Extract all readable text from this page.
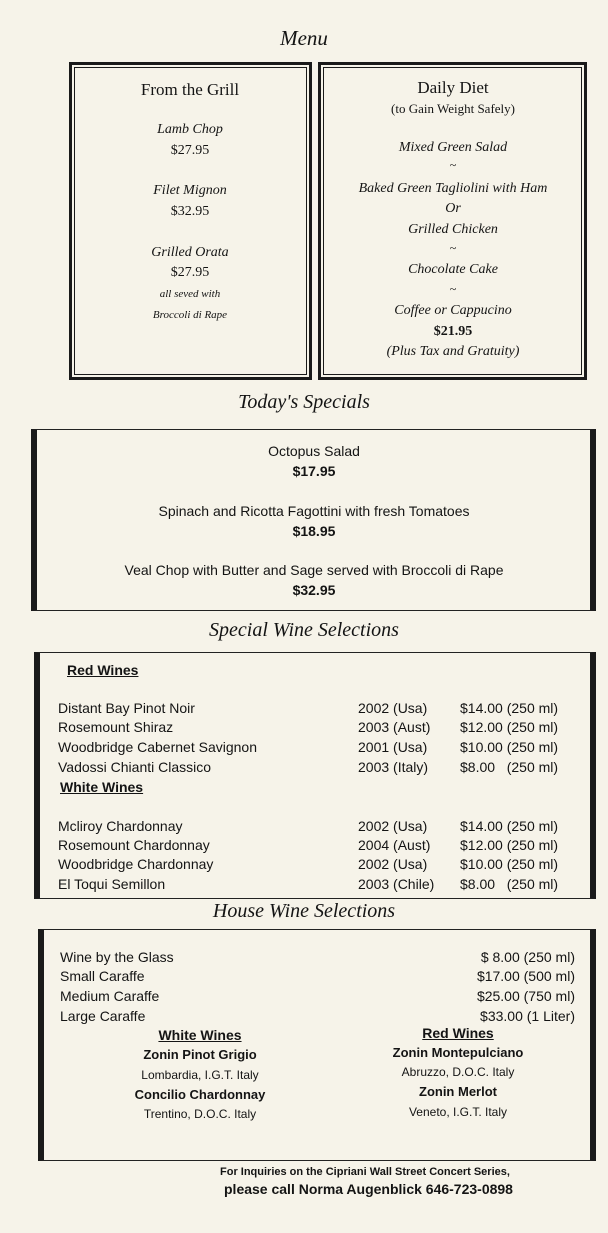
Menu
From the Grill
Lamb Chop
$27.95
Filet Mignon
$32.95
Grilled Orata
$27.95
all seved with
Broccoli di Rape
Daily Diet
(to Gain Weight Safely)
Mixed Green Salad
~
Baked Green Tagliolini with Ham
Or
Grilled Chicken
~
Chocolate Cake
~
Coffee or Cappucino
$21.95
(Plus Tax and Gratuity)
Today's Specials
Octopus Salad
$17.95
Spinach and Ricotta Fagottini with fresh Tomatoes
$18.95
Veal Chop with Butter and Sage served with Broccoli di Rape
$32.95
Special Wine Selections
Red Wines
Distant Bay Pinot Noir	2002 (Usa) $14.00 (250 ml)
Rosemount Shiraz	2003 (Aust) $12.00 (250 ml)
Woodbridge Cabernet Savignon	2001 (Usa) $10.00 (250 ml)
Vadossi Chianti Classico	2003 (Italy) $8.00   (250 ml)
White Wines
Mcliroy Chardonnay	2002 (Usa) $14.00 (250 ml)
Rosemount Chardonnay	2004 (Aust) $12.00 (250 ml)
Woodbridge Chardonnay	2002 (Usa) $10.00 (250 ml)
El Toqui Semillon	2003 (Chile) $8.00   (250 ml)
House Wine Selections
Wine by the Glass	$ 8.00 (250 ml)
Small Caraffe	$17.00 (500 ml)
Medium Caraffe	$25.00 (750 ml)
Large Caraffe	$33.00 (1 Liter)
White Wines
Zonin Pinot Grigio
Lombardia, I.G.T. Italy
Concilio Chardonnay
Trentino, D.O.C. Italy
Red Wines
Zonin Montepulciano
Abruzzo, D.O.C. Italy
Zonin Merlot
Veneto, I.G.T. Italy
For Inquiries on the Cipriani Wall Street Concert Series,
please call Norma Augenblick 646-723-0898
